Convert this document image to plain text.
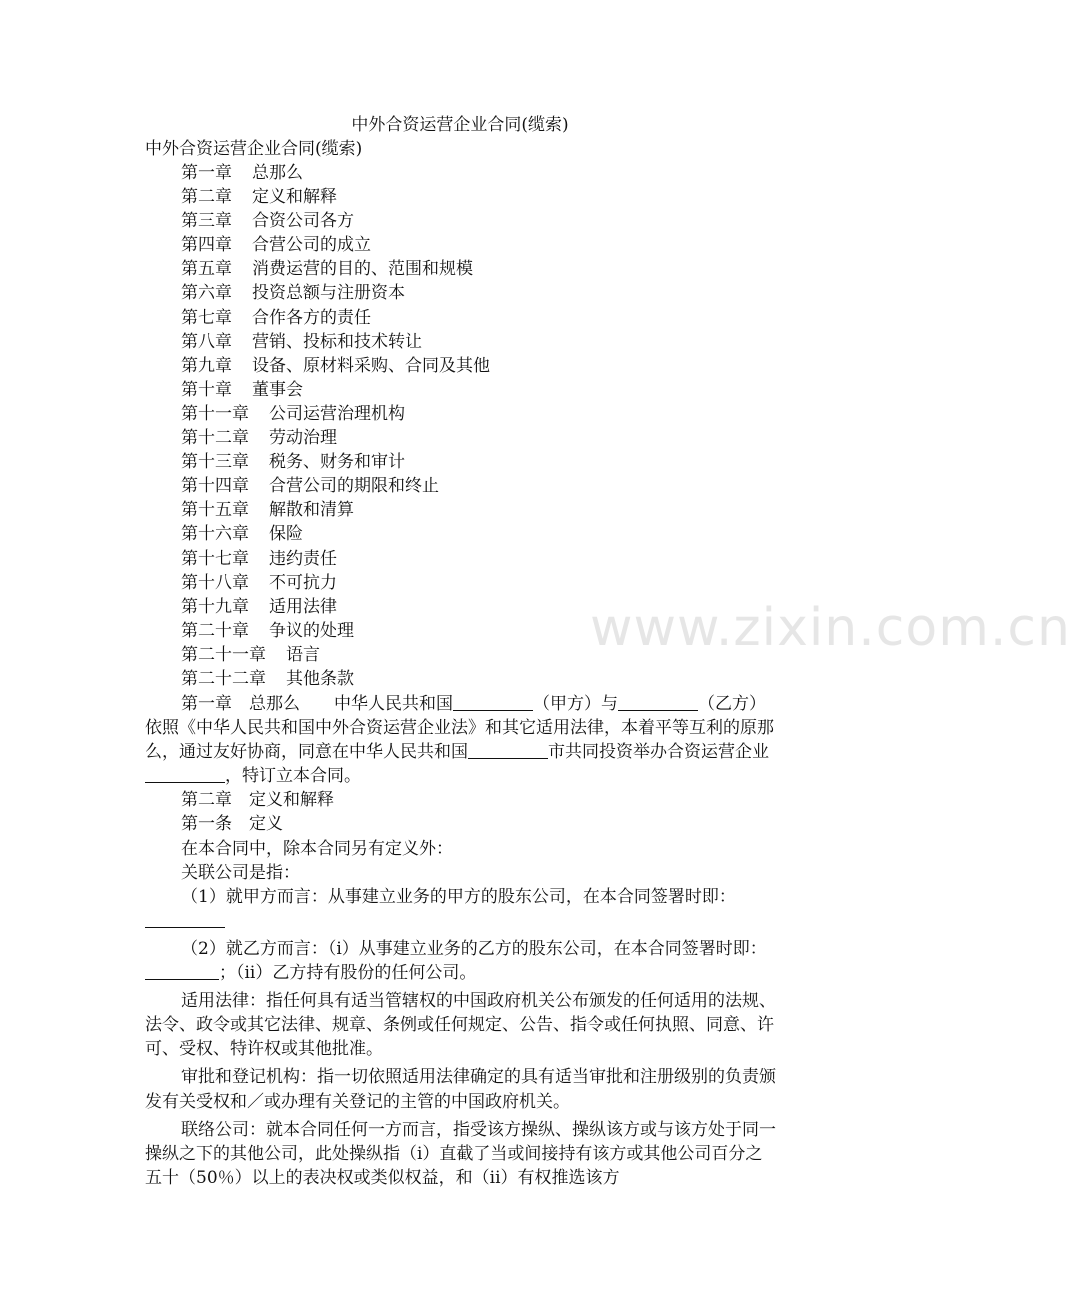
www.zixin.com.cn
中外合资运营企业合同(缆索)
中外合资运营企业合同(缆索)
第一章 总那么
第二章 定义和解释
第三章 合资公司各方
第四章 合营公司的成立
第五章 消费运营的目的、范围和规模
第六章 投资总额与注册资本
第七章 合作各方的责任
第八章 营销、投标和技术转让
第九章 设备、原材料采购、合同及其他
第十章 董事会
第十一章 公司运营治理机构
第十二章 劳动治理
第十三章 税务、财务和审计
第十四章 合营公司的期限和终止
第十五章 解散和清算
第十六章 保险
第十七章 违约责任
第十八章 不可抗力
第十九章 适用法律
第二十章 争议的处理
第二十一章 语言
第二十二章 其他条款

第一章　总那么　　中华人民共和国	（甲方）与	（乙方）依照《中华人民共和国中外合资运营企业法》和其它适用法律，本着平等互利的原那么，通过友好协商，同意在中华人民共和国	市共同投资举办合资运营企业，特订立本合同。

第二章　定义和解释

第一条　定义

在本合同中，除本合同另有定义外：

关联公司是指：

（1）就甲方而言：从事建立业务的甲方的股东公司，在本合同签署时即：

（2）就乙方而言：（i）从事建立业务的乙方的股东公司，在本合同签署时即：；（ii）乙方持有股份的任何公司。

适用法律：指任何具有适当管辖权的中国政府机关公布颁发的任何适用的法规、法令、政令或其它法律、规章、条例或任何规定、公告、指令或任何执照、同意、许可、受权、特许权或其他批准。

审批和登记机构：指一切依照适用法律确定的具有适当审批和注册级别的负责颁发有关受权和／或办理有关登记的主管的中国政府机关。

联络公司：就本合同任何一方而言，指受该方操纵、操纵该方或与该方处于同一操纵之下的其他公司，此处操纵指（i）直截了当或间接持有该方或其他公司百分之五十（50％）以上的表决权或类似权益，和（ii）有权推选该方
